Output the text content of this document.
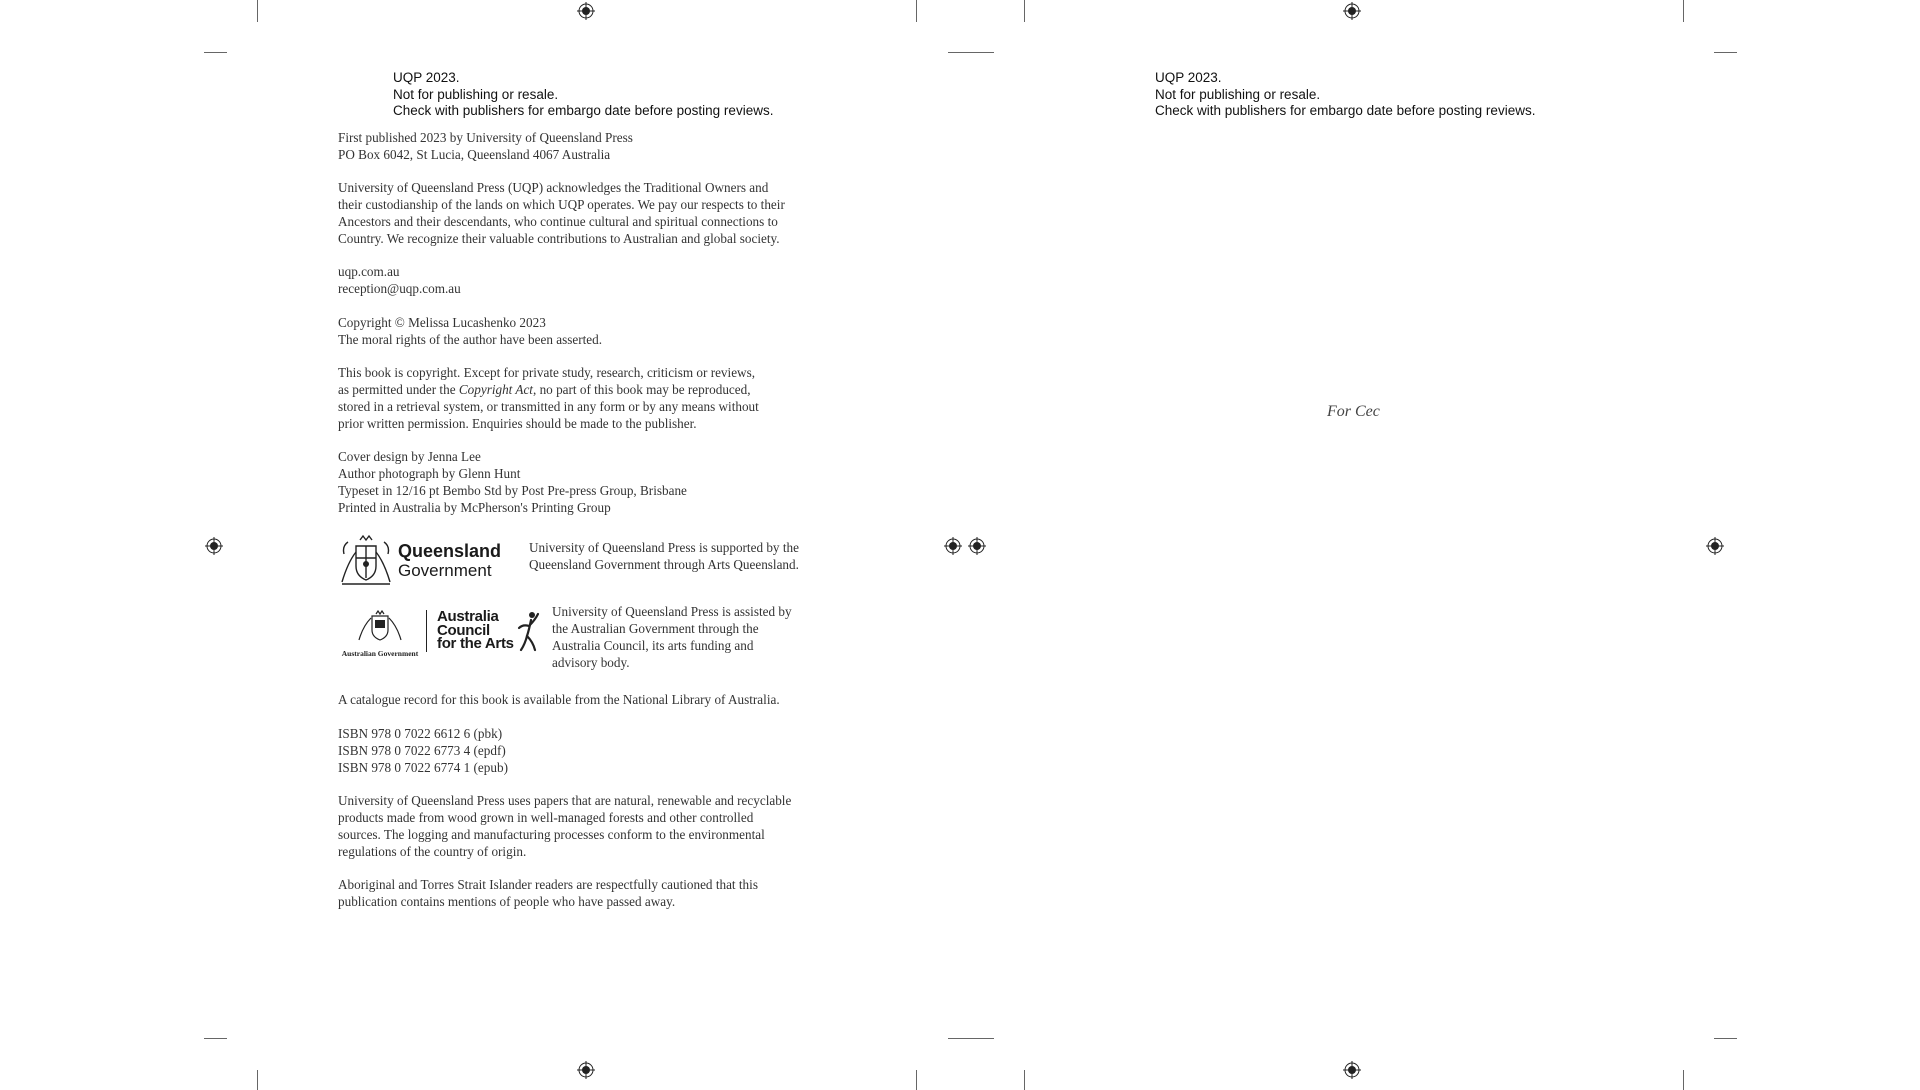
UQP 2023.
Not for publishing or resale.
Check with publishers for embargo date before posting reviews.
First published 2023 by University of Queensland Press
PO Box 6042, St Lucia, Queensland 4067 Australia
University of Queensland Press (UQP) acknowledges the Traditional Owners and
their custodianship of the lands on which UQP operates. We pay our respects to their
Ancestors and their descendants, who continue cultural and spiritual connections to
Country. We recognize their valuable contributions to Australian and global society.
uqp.com.au
reception@uqp.com.au
Copyright © Melissa Lucashenko 2023
The moral rights of the author have been asserted.
This book is copyright. Except for private study, research, criticism or reviews,
as permitted under the Copyright Act, no part of this book may be reproduced,
stored in a retrieval system, or transmitted in any form or by any means without
prior written permission. Enquiries should be made to the publisher.
Cover design by Jenna Lee
Author photograph by Glenn Hunt
Typeset in 12/16 pt Bembo Std by Post Pre-press Group, Brisbane
Printed in Australia by McPherson's Printing Group
Queensland
Government
University of Queensland Press is supported by the
Queensland Government through Arts Queensland.
Australian Government
Australia
Council
for the Arts
University of Queensland Press is assisted by
the Australian Government through the
Australia Council, its arts funding and
advisory body.
A catalogue record for this book is available from the National Library of Australia.
ISBN 978 0 7022 6612 6 (pbk)
ISBN 978 0 7022 6773 4 (epdf)
ISBN 978 0 7022 6774 1 (epub)
University of Queensland Press uses papers that are natural, renewable and recyclable
products made from wood grown in well-managed forests and other controlled
sources. The logging and manufacturing processes conform to the environmental
regulations of the country of origin.
Aboriginal and Torres Strait Islander readers are respectfully cautioned that this
publication contains mentions of people who have passed away.
UQP 2023.
Not for publishing or resale.
Check with publishers for embargo date before posting reviews.
For Cec
